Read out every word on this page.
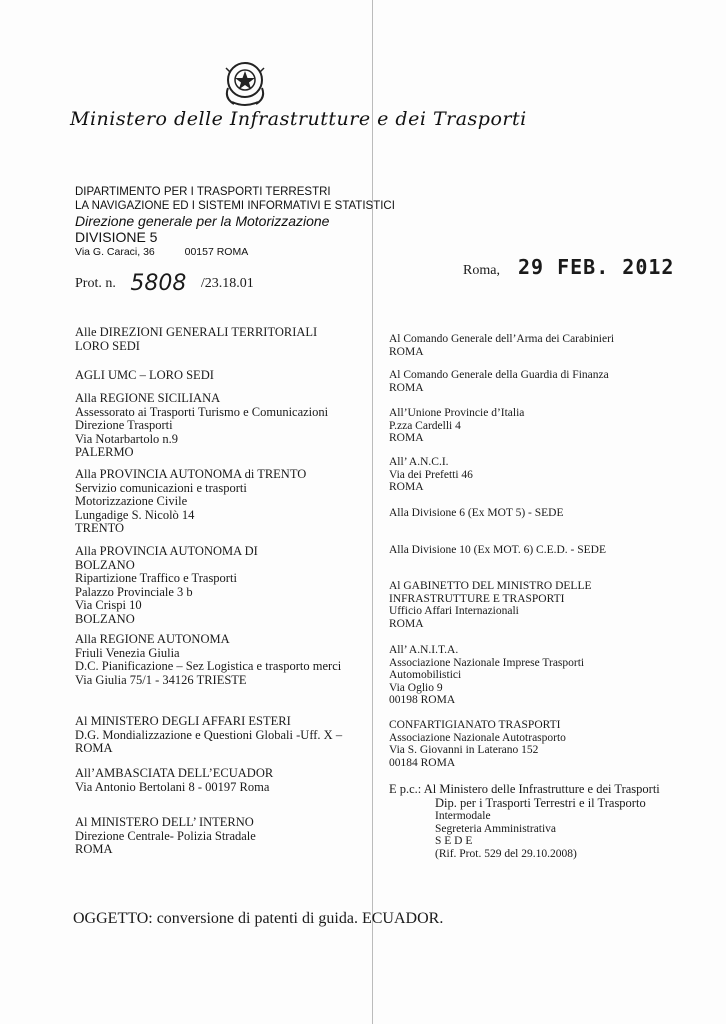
Ministero delle Infrastrutture e dei Trasporti
DIPARTIMENTO PER I TRASPORTI TERRESTRI
LA NAVIGAZIONE ED I SISTEMI INFORMATIVI E STATISTICI
Direzione generale per la Motorizzazione
DIVISIONE 5
Via G. Caraci, 36	00157 ROMA
Prot. n. 5808 /23.18.01
Roma, 29 FEB. 2012
Alle DIREZIONI GENERALI TERRITORIALI
LORO SEDI
AGLI UMC – LORO SEDI
Alla REGIONE SICILIANA
Assessorato ai Trasporti Turismo e Comunicazioni
Direzione Trasporti
Via Notarbartolo n.9
PALERMO
Alla PROVINCIA AUTONOMA di TRENTO
Servizio comunicazioni e trasporti
Motorizzazione Civile
Lungadige S. Nicolò 14
TRENTO
Alla PROVINCIA AUTONOMA DI
BOLZANO
Ripartizione Traffico e Trasporti
Palazzo Provinciale 3 b
Via Crispi 10
BOLZANO
Alla REGIONE AUTONOMA
Friuli Venezia Giulia
D.C. Pianificazione – Sez Logistica e trasporto merci
Via Giulia 75/1 - 34126 TRIESTE
Al MINISTERO DEGLI AFFARI ESTERI
D.G. Mondializzazione e Questioni Globali -Uff. X –
ROMA
All’AMBASCIATA DELL’ECUADOR
Via Antonio Bertolani 8 - 00197 Roma
Al MINISTERO DELL’ INTERNO
Direzione Centrale- Polizia Stradale
ROMA
Al Comando Generale dell’Arma dei Carabinieri
ROMA
Al Comando Generale della Guardia di Finanza
ROMA
All’Unione Provincie d’Italia
P.zza Cardelli 4
ROMA
All’ A.N.C.I.
Via dei Prefetti 46
ROMA
Alla Divisione 6 (Ex MOT 5) - SEDE
Alla Divisione 10 (Ex MOT. 6) C.E.D. - SEDE
Al GABINETTO DEL MINISTRO DELLE
INFRASTRUTTURE E TRASPORTI
Ufficio Affari Internazionali
ROMA
All’ A.N.I.T.A.
Associazione Nazionale Imprese Trasporti
Automobilistici
Via Oglio 9
00198 ROMA
CONFARTIGIANATO TRASPORTI
Associazione Nazionale Autotrasporto
Via S. Giovanni in Laterano 152
00184 ROMA
E p.c.: Al Ministero delle Infrastrutture e dei Trasporti
Dip. per i Trasporti Terrestri e il Trasporto
Intermodale
Segreteria Amministrativa
S E D E
(Rif. Prot. 529 del 29.10.2008)
OGGETTO: conversione di patenti di guida. ECUADOR.
